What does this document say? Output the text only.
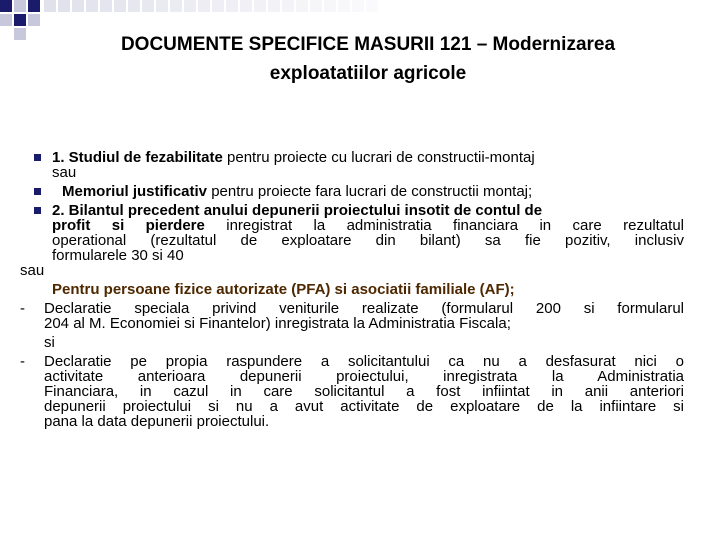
DOCUMENTE SPECIFICE MASURII 121 – Modernizarea
exploatatiilor agricole
1. Studiul de fezabilitate pentru proiecte cu lucrari de constructii-montaj
sau
Memoriul justificativ pentru proiecte fara lucrari de constructii montaj;
2. Bilantul precedent anului depunerii proiectului insotit de contul de
profit si pierdere inregistrat la administratia financiara in care rezultatul
operational (rezultatul de exploatare din bilant) sa fie pozitiv, inclusiv
formularele 30 si 40
sau
Pentru persoane fizice autorizate (PFA) si asociatii familiale (AF);
- Declaratie speciala privind veniturile realizate (formularul 200 si formularul
204 al M. Economiei si Finantelor) inregistrata la Administratia Fiscala;
si
- Declaratie pe propia raspundere a solicitantului ca nu a desfasurat nici o
activitate anterioara depunerii proiectului, inregistrata la Administratia
Financiara, in cazul in care solicitantul a fost infiintat in anii anteriori
depunerii proiectului si nu a avut activitate de exploatare de la infiintare si
pana la data depunerii proiectului.
